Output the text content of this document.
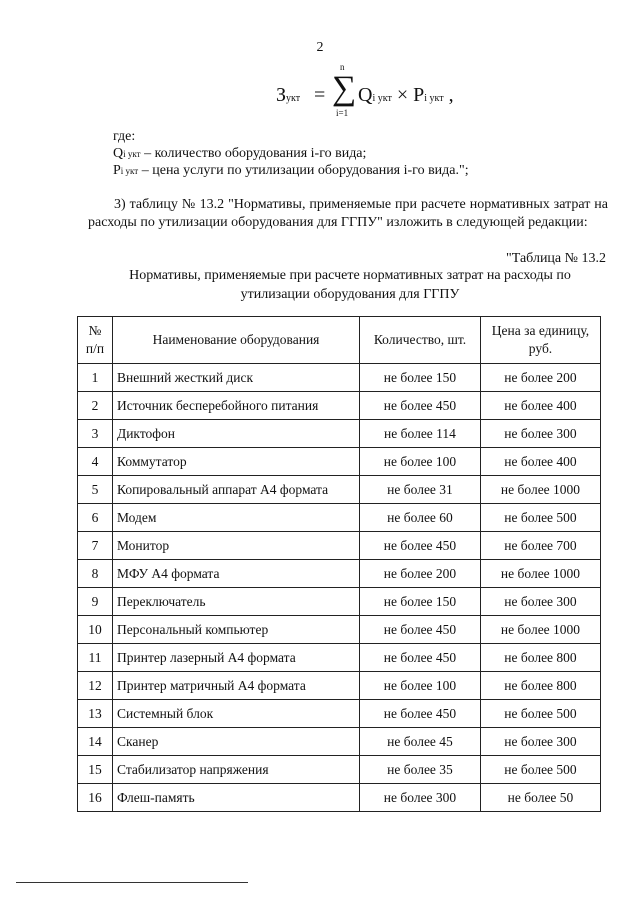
2
Зукт =
n
∑
i=1
Qi укт × Pi укт ,
где:
Qi укт – количество оборудования i-го вида;
Pi укт – цена услуги по утилизации оборудования i-го вида.";
3) таблицу № 13.2 "Нормативы, применяемые при расчете нормативных затрат на расходы по утилизации оборудования для ГГПУ" изложить в следующей редакции:
"Таблица № 13.2
Нормативы, применяемые при расчете нормативных затрат на расходы по утилизации оборудования для ГГПУ
№ п/п	Наименование оборудования	Количество, шт.	Цена за единицу, руб.
1	Внешний жесткий диск	не более 150	не более 200
2	Источник бесперебойного питания	не более 450	не более 400
3	Диктофон	не более 114	не более 300
4	Коммутатор	не более 100	не более 400
5	Копировальный аппарат А4 формата	не более 31	не более 1000
6	Модем	не более 60	не более 500
7	Монитор	не более 450	не более 700
8	МФУ А4 формата	не более 200	не более 1000
9	Переключатель	не более 150	не более 300
10	Персональный компьютер	не более 450	не более 1000
11	Принтер лазерный А4 формата	не более 450	не более 800
12	Принтер матричный А4 формата	не более 100	не более 800
13	Системный блок	не более 450	не более 500
14	Сканер	не более 45	не более 300
15	Стабилизатор напряжения	не более 35	не более 500
16	Флеш-память	не более 300	не более 50
